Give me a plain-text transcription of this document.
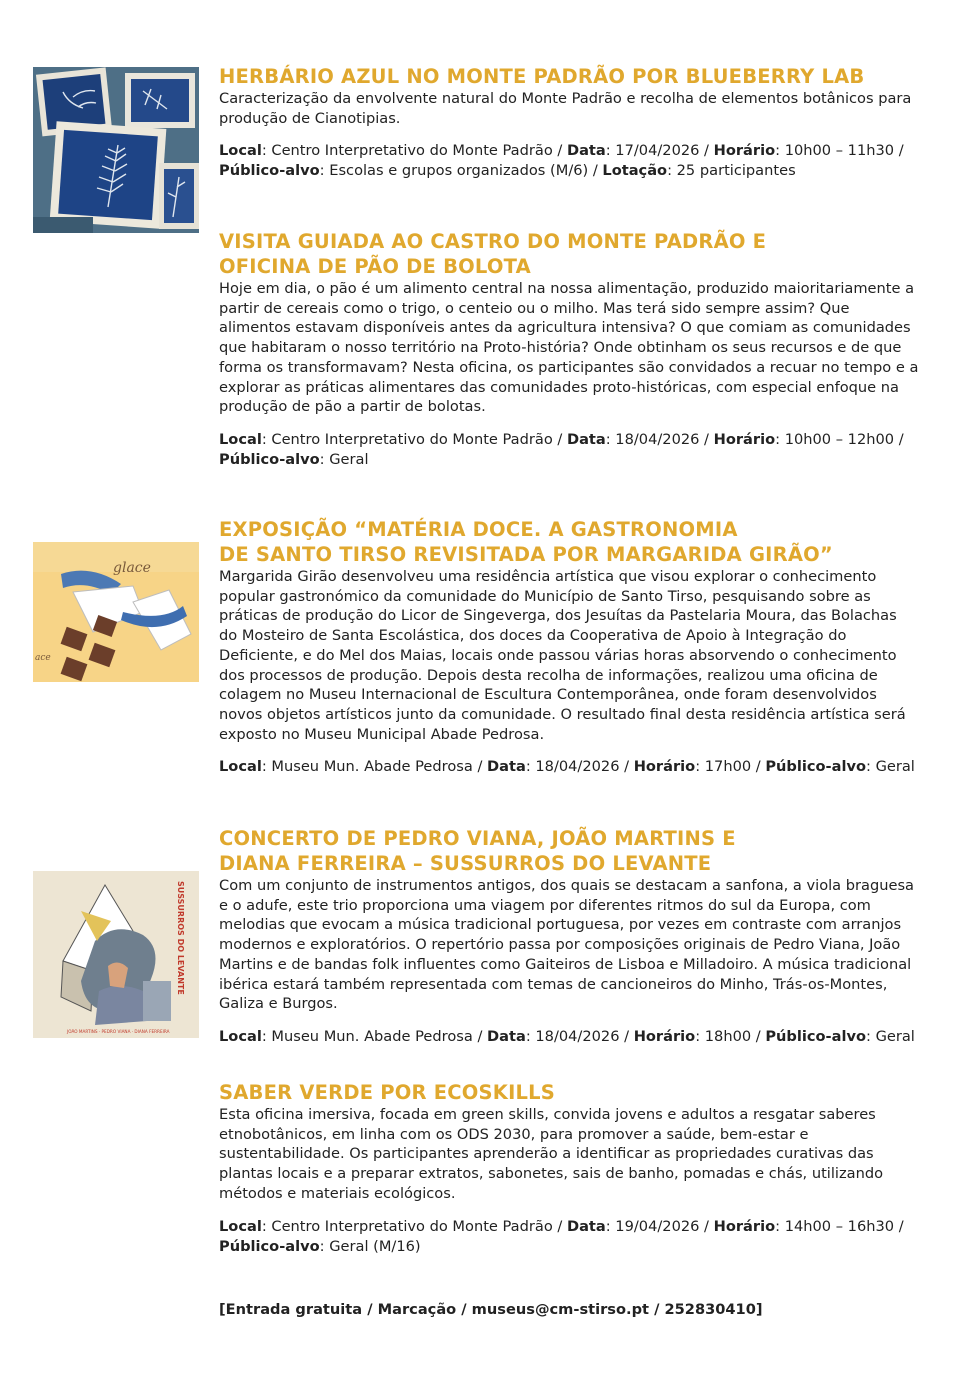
glace
ace
SUSSURROS DO LEVANTE
JOÃO MARTINS · PEDRO VIANA · DIANA FERREIRA
HERBÁRIO AZUL NO MONTE PADRÃO POR BLUEBERRY LAB

Caracterização da envolvente natural do Monte Padrão e recolha de elementos botânicos para produção de Cianotipias.

Local: Centro Interpretativo do Monte Padrão / Data: 17/04/2026 / Horário: 10h00 – 11h30 / Público-alvo: Escolas e grupos organizados (M/6) / Lotação: 25 participantes

VISITA GUIADA AO CASTRO DO MONTE PADRÃO E
OFICINA DE PÃO DE BOLOTA

Hoje em dia, o pão é um alimento central na nossa alimentação, produzido maioritariamente a partir de cereais como o trigo, o centeio ou o milho. Mas terá sido sempre assim? Que alimentos estavam disponíveis antes da agricultura intensiva? O que comiam as comunidades que habitaram o nosso território na Proto-história? Onde obtinham os seus recursos e de que forma os transformavam? Nesta oficina, os participantes são convidados a recuar no tempo e a explorar as práticas alimentares das comunidades proto-históricas, com especial enfoque na produção de pão a partir de bolotas.

Local: Centro Interpretativo do Monte Padrão / Data: 18/04/2026 / Horário: 10h00 – 12h00 / Público-alvo: Geral

EXPOSIÇÃO “MATÉRIA DOCE. A GASTRONOMIA
DE SANTO TIRSO REVISITADA POR MARGARIDA GIRÃO”

Margarida Girão desenvolveu uma residência artística que visou explorar o conhecimento popular gastronómico da comunidade do Município de Santo Tirso, pesquisando sobre as práticas de produção do Licor de Singeverga, dos Jesuítas da Pastelaria Moura, das Bolachas do Mosteiro de Santa Escolástica, dos doces da Cooperativa de Apoio à Integração do Deficiente, e do Mel dos Maias, locais onde passou várias horas absorvendo o conhecimento dos processos de produção. Depois desta recolha de informações, realizou uma oficina de colagem no Museu Internacional de Escultura Contemporânea, onde foram desenvolvidos novos objetos artísticos junto da comunidade. O resultado final desta residência artística será exposto no Museu Municipal Abade Pedrosa.

Local: Museu Mun. Abade Pedrosa / Data: 18/04/2026 / Horário: 17h00 / Público-alvo: Geral

CONCERTO DE PEDRO VIANA, JOÃO MARTINS E
DIANA FERREIRA – SUSSURROS DO LEVANTE

Com um conjunto de instrumentos antigos, dos quais se destacam a sanfona, a viola braguesa e o adufe, este trio proporciona uma viagem por diferentes ritmos do sul da Europa, com melodias que evocam a música tradicional portuguesa, por vezes em contraste com arranjos modernos e exploratórios. O repertório passa por composições originais de Pedro Viana, João Martins e de bandas folk influentes como Gaiteiros de Lisboa e Milladoiro. A música tradicional ibérica estará também representada com temas de cancioneiros do Minho, Trás-os-Montes, Galiza e Burgos.

Local: Museu Mun. Abade Pedrosa / Data: 18/04/2026 / Horário: 18h00 / Público-alvo: Geral

SABER VERDE POR ECOSKILLS

Esta oficina imersiva, focada em green skills, convida jovens e adultos a resgatar saberes etnobotânicos, em linha com os ODS 2030, para promover a saúde, bem-estar e sustentabilidade. Os participantes aprenderão a identificar as propriedades curativas das plantas locais e a preparar extratos, sabonetes, sais de banho, pomadas e chás, utilizando métodos e materiais ecológicos.

Local: Centro Interpretativo do Monte Padrão / Data: 19/04/2026 / Horário: 14h00 – 16h30 / Público-alvo: Geral (M/16)

[Entrada gratuita / Marcação / museus@cm-stirso.pt / 252830410]
